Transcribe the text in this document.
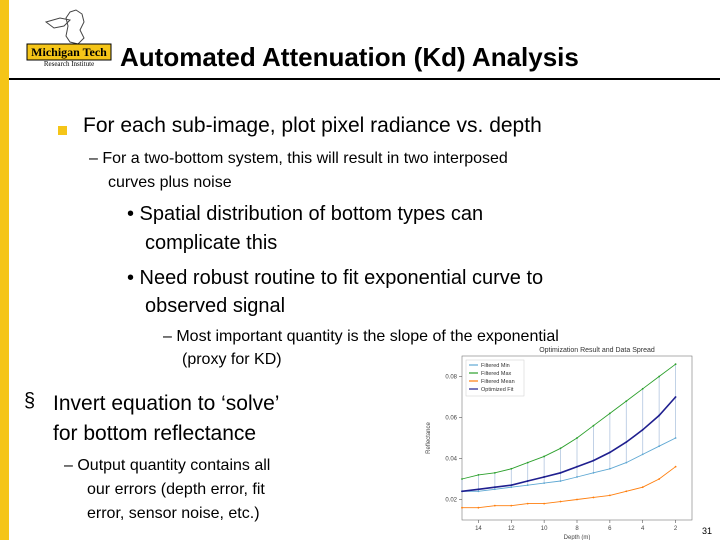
Michigan Tech
Research Institute Automated Attenuation (Kd) Analysis
For each sub-image, plot pixel radiance vs. depth
– For a two-bottom system, this will result in two interposed
curves plus noise
• Spatial distribution of bottom types can
complicate this
• Need robust routine to fit exponential curve to
observed signal
– Most important quantity is the slope of the exponential
(proxy for KD)
§ Invert equation to ‘solve’
for bottom reflectance
– Output quantity contains all
our errors (depth error, fit
error, sensor noise, etc.)
Optimization Result and Data Spread
14	12	10	8	6	4	2
0.02
0.04
0.06
0.08
Depth (m)
Reflectance
Filtered Min
Filtered Max
Filtered Mean
Optimized Fit
31
